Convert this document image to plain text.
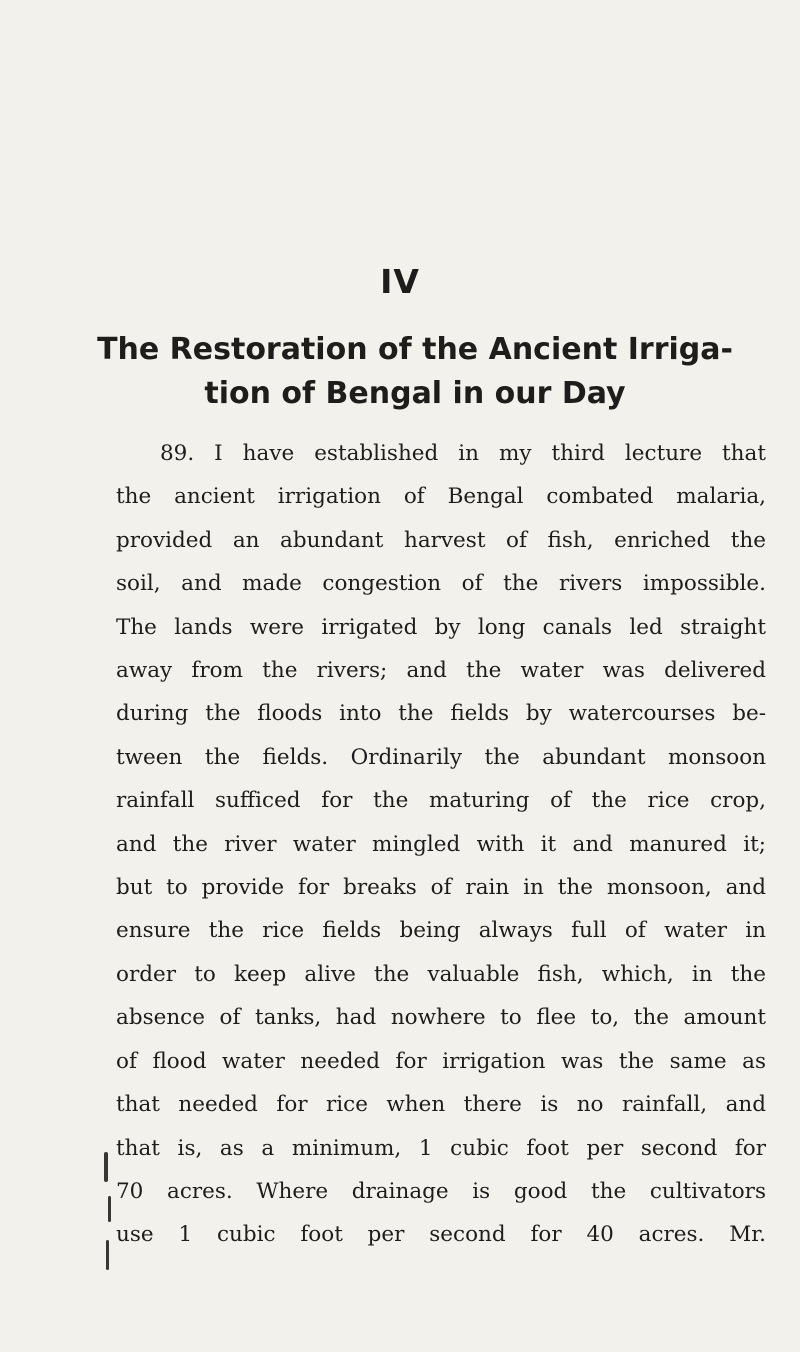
IV
The Restoration of the Ancient Irriga-
tion of Bengal in our Day
89. I have established in my third lecture that
the ancient irrigation of Bengal combated malaria,
provided an abundant harvest of fish, enriched the
soil, and made congestion of the rivers impossible.
The lands were irrigated by long canals led straight
away from the rivers; and the water was delivered
during the floods into the fields by watercourses be-
tween the fields. Ordinarily the abundant monsoon
rainfall sufficed for the maturing of the rice crop,
and the river water mingled with it and manured it;
but to provide for breaks of rain in the monsoon, and
ensure the rice fields being always full of water in
order to keep alive the valuable fish, which, in the
absence of tanks, had nowhere to flee to, the amount
of flood water needed for irrigation was the same as
that needed for rice when there is no rainfall, and
that is, as a minimum, 1 cubic foot per second for
70 acres. Where drainage is good the cultivators
use 1 cubic foot per second for 40 acres. Mr.
